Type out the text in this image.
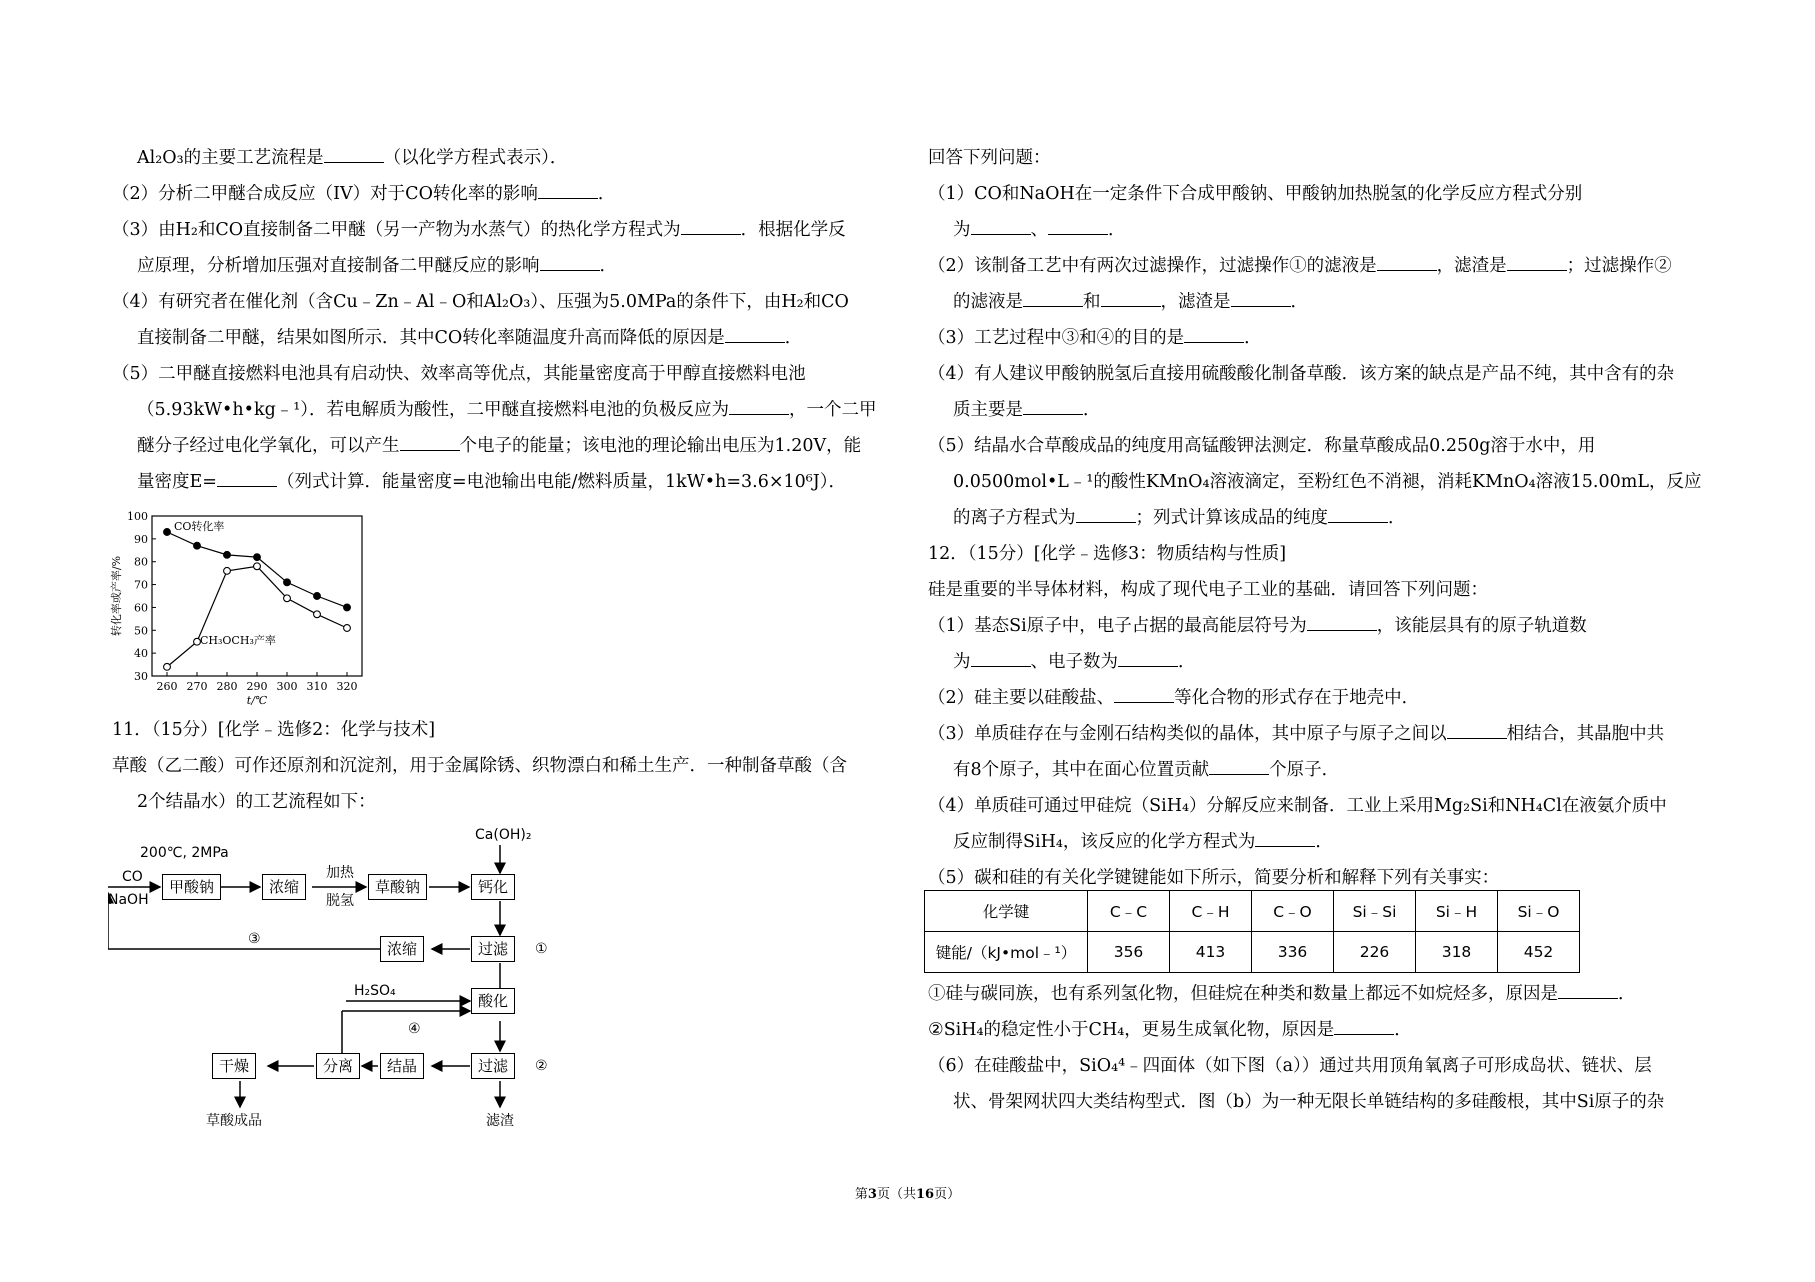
Al₂O₃的主要工艺流程是	（以化学方程式表示）．

（2）分析二甲醚合成反应（IV）对于CO转化率的影响	．

（3）由H₂和CO直接制备二甲醚（另一产物为水蒸气）的热化学方程式为	．根据化学反

应原理，分析增加压强对直接制备二甲醚反应的影响	．

（4）有研究者在催化剂（含Cu﹣Zn﹣Al﹣O和Al₂O₃）、压强为5.0MPa的条件下，由H₂和CO

直接制备二甲醚，结果如图所示．其中CO转化率随温度升高而降低的原因是	．

（5）二甲醚直接燃料电池具有启动快、效率高等优点，其能量密度高于甲醇直接燃料电池

（5.93kW•h•kg﹣¹）．若电解质为酸性，二甲醚直接燃料电池的负极反应为	，一个二甲

醚分子经过电化学氧化，可以产生	个电子的能量；该电池的理论输出电压为1.20V，能

量密度E=	（列式计算．能量密度=电池输出电能/燃料质量，1kW•h=3.6×10⁶J）．

30
40
50
60
70
80
90
100
260 270 280 290 300 310 320
t/℃
转化率或产率/%
CO转化率
CH₃OCH₃产率

11．（15分）[化学﹣选修2：化学与技术]

草酸（乙二酸）可作还原剂和沉淀剂，用于金属除锈、织物漂白和稀土生产．一种制备草酸（含

2个结晶水）的工艺流程如下：

200℃, 2MPa
CO
NaOH
甲酸钠	浓缩
加热
脱氢
草酸钠
Ca(OH)₂
钙化
浓缩	过滤	①
③
H₂SO₄
酸化
④
过滤	②
结晶
分离
干燥
草酸成品	滤渣

回答下列问题：

（1）CO和NaOH在一定条件下合成甲酸钠、甲酸钠加热脱氢的化学反应方程式分别

为	、	．

（2）该制备工艺中有两次过滤操作，过滤操作①的滤液是	，滤渣是	；过滤操作②

的滤液是	和	，滤渣是	．

（3）工艺过程中③和④的目的是	．

（4）有人建议甲酸钠脱氢后直接用硫酸酸化制备草酸．该方案的缺点是产品不纯，其中含有的杂

质主要是	．

（5）结晶水合草酸成品的纯度用高锰酸钾法测定．称量草酸成品0.250g溶于水中，用

0.0500mol•L﹣¹的酸性KMnO₄溶液滴定，至粉红色不消褪，消耗KMnO₄溶液15.00mL，反应

的离子方程式为	；列式计算该成品的纯度	．

12．（15分）[化学﹣选修3：物质结构与性质]

硅是重要的半导体材料，构成了现代电子工业的基础．请回答下列问题：

（1）基态Si原子中，电子占据的最高能层符号为	，该能层具有的原子轨道数

为	、电子数为	．

（2）硅主要以硅酸盐、	等化合物的形式存在于地壳中．

（3）单质硅存在与金刚石结构类似的晶体，其中原子与原子之间以	相结合，其晶胞中共

有8个原子，其中在面心位置贡献	个原子．

（4）单质硅可通过甲硅烷（SiH₄）分解反应来制备．工业上采用Mg₂Si和NH₄Cl在液氨介质中

反应制得SiH₄，该反应的化学方程式为	．

（5）碳和硅的有关化学键键能如下所示，简要分析和解释下列有关事实：

化学键	C﹣C	C﹣H	C﹣O	Si﹣Si	Si﹣H	Si﹣O
键能/（kJ•mol﹣¹）	356	413	336	226	318	452

①硅与碳同族，也有系列氢化物，但硅烷在种类和数量上都远不如烷烃多，原因是	．

②SiH₄的稳定性小于CH₄，更易生成氧化物，原因是	．

（6）在硅酸盐中，SiO₄⁴﹣四面体（如下图（a））通过共用顶角氧离子可形成岛状、链状、层

状、骨架网状四大类结构型式．图（b）为一种无限长单链结构的多硅酸根，其中Si原子的杂

第3页（共16页）
